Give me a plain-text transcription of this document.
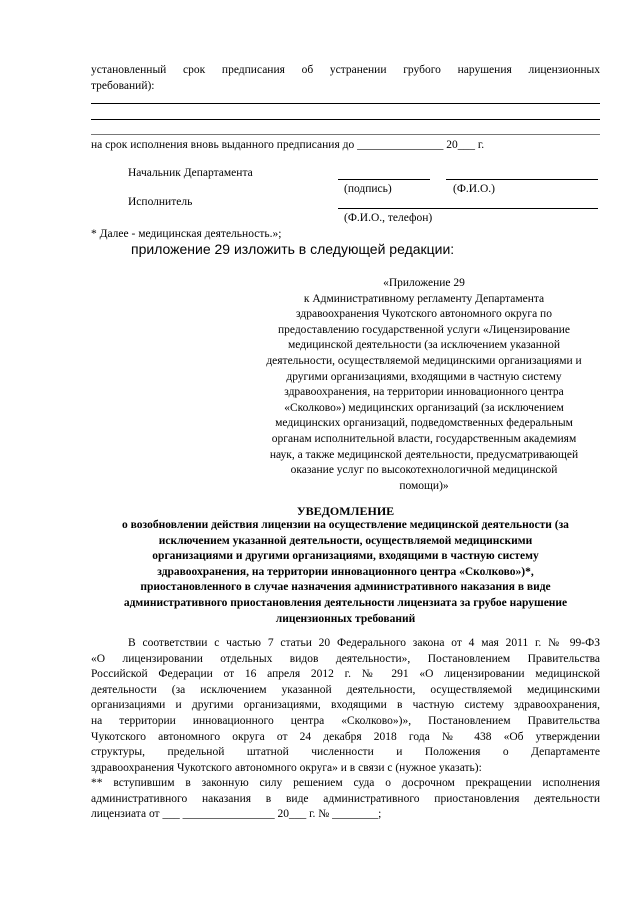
установленный срок предписания об устранении грубого нарушения лицензионных
требований):
на срок исполнения вновь выданного предписания до _______________ 20___ г.
Начальник Департамента
(подпись)	(Ф.И.О.)
Исполнитель
(Ф.И.О., телефон)
* Далее - медицинская деятельность.»;
приложение 29 изложить в следующей редакции:
«Приложение 29
к Административному регламенту Департамента
здравоохранения Чукотского автономного округа по
предоставлению государственной услуги «Лицензирование
медицинской деятельности (за исключением указанной
деятельности, осуществляемой медицинскими организациями и
другими организациями, входящими в частную систему
здравоохранения, на территории инновационного центра
«Сколково») медицинских организаций (за исключением
медицинских организаций, подведомственных федеральным
органам исполнительной власти, государственным академиям
наук, а также медицинской деятельности, предусматривающей
оказание услуг по высокотехнологичной медицинской
помощи)»
УВЕДОМЛЕНИЕ
о возобновлении действия лицензии на осуществление медицинской деятельности (за
исключением указанной деятельности, осуществляемой медицинскими
организациями и другими организациями, входящими в частную систему
здравоохранения, на территории инновационного центра «Сколково»)*,
приостановленного в случае назначения административного наказания в виде
административного приостановления деятельности лицензиата за грубое нарушение
лицензионных требований
В соответствии с частью 7 статьи 20 Федерального закона от 4 мая 2011 г. № 99-ФЗ
«О лицензировании отдельных видов деятельности», Постановлением Правительства
Российской Федерации от 16 апреля 2012 г. № 291 «О лицензировании медицинской
деятельности (за исключением указанной деятельности, осуществляемой медицинскими
организациями и другими организациями, входящими в частную систему здравоохранения,
на территории инновационного центра «Сколково»)», Постановлением Правительства
Чукотского автономного округа от 24 декабря 2018 года № 438 «Об утверждении
структуры, предельной штатной численности и Положения о Департаменте
здравоохранения Чукотского автономного округа» и в связи с (нужное указать):
** вступившим в законную силу решением суда о досрочном прекращении исполнения
административного наказания в виде административного приостановления деятельности
лицензиата от ___ ________________ 20___ г. № ________;
